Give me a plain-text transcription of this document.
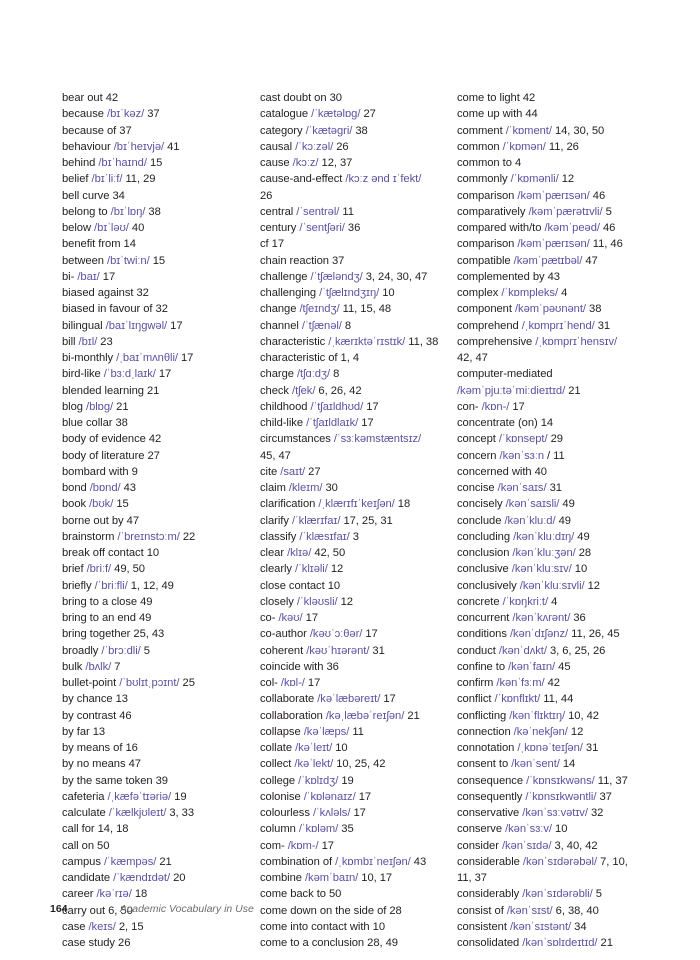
bear out 42
because /bɪˈkəz/ 37
because of 37
behaviour /bɪˈheɪvjə/ 41
behind /bɪˈhaɪnd/ 15
belief /bɪˈliːf/ 11, 29
bell curve 34
belong to /bɪˈlɒŋ/ 38
below /bɪˈləʊ/ 40
benefit from 14
between /bɪˈtwiːn/ 15
bi- /baɪ/ 17
biased against 32
biased in favour of 32
bilingual /baɪˈlɪŋgwəl/ 17
bill /bɪl/ 23
bi-monthly /ˌbaɪˈmʌnθli/ 17
bird-like /ˈbɜːdˌlaɪk/ 17
blended learning 21
blog /blɒg/ 21
blue collar 38
body of evidence 42
body of literature 27
bombard with 9
bond /bɒnd/ 43
book /bʊk/ 15
borne out by 47
brainstorm /ˈbreɪnstɔːm/ 22
break off contact 10
brief /briːf/ 49, 50
briefly /ˈbriːfli/ 1, 12, 49
bring to a close 49
bring to an end 49
bring together 25, 43
broadly /ˈbrɔːdli/ 5
bulk /bʌlk/ 7
bullet-point /ˈbʊlɪtˌpɔɪnt/ 25
by chance 13
by contrast 46
by far 13
by means of 16
by no means 47
by the same token 39
cafeteria /ˌkæfəˈtɪəriə/ 19
calculate /ˈkælkjʊleɪt/ 3, 33
call for 14, 18
call on 50
campus /ˈkæmpəs/ 21
candidate /ˈkændɪdət/ 20
career /kəˈrɪə/ 18
carry out 6, 50
case /keɪs/ 2, 15
case study 26
cast doubt on 30
catalogue /ˈkætəlɒg/ 27
category /ˈkætəgri/ 38
causal /ˈkɔːzəl/ 26
cause /kɔːz/ 12, 37
cause-and-effect /kɔːz ənd ɪˈfekt/
26
central /ˈsentrəl/ 11
century /ˈsentʃəri/ 36
cf 17
chain reaction 37
challenge /ˈtʃæləndʒ/ 3, 24, 30, 47
challenging /ˈtʃælɪndʒɪŋ/ 10
change /tʃeɪndʒ/ 11, 15, 48
channel /ˈtʃænəl/ 8
characteristic /ˌkærɪktəˈrɪstɪk/ 11, 38
characteristic of 1, 4
charge /tʃɑːdʒ/ 8
check /tʃek/ 6, 26, 42
childhood /ˈtʃaɪldhʊd/ 17
child-like /ˈtʃaɪldlaɪk/ 17
circumstances /ˈsɜːkəmstæntsɪz/
45, 47
cite /saɪt/ 27
claim /kleɪm/ 30
clarification /ˌklærɪfɪˈkeɪʃən/ 18
clarify /ˈklærɪfaɪ/ 17, 25, 31
classify /ˈklæsɪfaɪ/ 3
clear /klɪə/ 42, 50
clearly /ˈklɪəli/ 12
close contact 10
closely /ˈkləʊsli/ 12
co- /kəʊ/ 17
co-author /kəʊˈɔːθər/ 17
coherent /kəʊˈhɪərənt/ 31
coincide with 36
col- /kɒl-/ 17
collaborate /kəˈlæbəreɪt/ 17
collaboration /kəˌlæbəˈreɪʃən/ 21
collapse /kəˈlæps/ 11
collate /kəˈleɪt/ 10
collect /kəˈlekt/ 10, 25, 42
college /ˈkɒlɪdʒ/ 19
colonise /ˈkɒlənaɪz/ 17
colourless /ˈkʌləls/ 17
column /ˈkɒləm/ 35
com- /kɒm-/ 17
combination of /ˌkɒmbɪˈneɪʃən/ 43
combine /kəmˈbaɪn/ 10, 17
come back to 50
come down on the side of 28
come into contact with 10
come to a conclusion 28, 49
come to light 42
come up with 44
comment /ˈkɒment/ 14, 30, 50
common /ˈkɒmən/ 11, 26
common to 4
commonly /ˈkɒmənli/ 12
comparison /kəmˈpærɪsən/ 46
comparatively /kəmˈpærətɪvli/ 5
compared with/to /kəmˈpeəd/ 46
comparison /kəmˈpærɪsən/ 11, 46
compatible /kəmˈpætɪbəl/ 47
complemented by 43
complex /ˈkɒmpleks/ 4
component /kəmˈpəʊnənt/ 38
comprehend /ˌkɒmprɪˈhend/ 31
comprehensive /ˌkɒmprɪˈhensɪv/
42, 47
computer-mediated
/kəmˈpjuːtəˈmiːdieɪtɪd/ 21
con- /kɒn-/ 17
concentrate (on) 14
concept /ˈkɒnsept/ 29
concern /kənˈsɜːn / 11
concerned with 40
concise /kənˈsaɪs/ 31
concisely /kənˈsaɪsli/ 49
conclude /kənˈkluːd/ 49
concluding /kənˈkluːdɪŋ/ 49
conclusion /kənˈkluːʒən/ 28
conclusive /kənˈkluːsɪv/ 10
conclusively /kənˈkluːsɪvli/ 12
concrete /ˈkɒŋkriːt/ 4
concurrent /kənˈkʌrənt/ 36
conditions /kənˈdɪʃənz/ 11, 26, 45
conduct /kənˈdʌkt/ 3, 6, 25, 26
confine to /kənˈfaɪn/ 45
confirm /kənˈfɜːm/ 42
conflict /ˈkɒnflɪkt/ 11, 44
conflicting /kənˈflɪktɪŋ/ 10, 42
connection /kəˈnekʃən/ 12
connotation /ˌkɒnəˈteɪʃən/ 31
consent to /kənˈsent/ 14
consequence /ˈkɒnsɪkwəns/ 11, 37
consequently /ˈkɒnsɪkwəntli/ 37
conservative /kənˈsɜːvətɪv/ 32
conserve /kənˈsɜːv/ 10
consider /kənˈsɪdə/ 3, 40, 42
considerable /kənˈsɪdərəbəl/ 7, 10,
11, 37
considerably /kənˈsɪdərəbli/ 5
consist of /kənˈsɪst/ 6, 38, 40
consistent /kənˈsɪstənt/ 34
consolidated /kənˈsɒlɪdeɪtɪd/ 21
164	Academic Vocabulary in Use
